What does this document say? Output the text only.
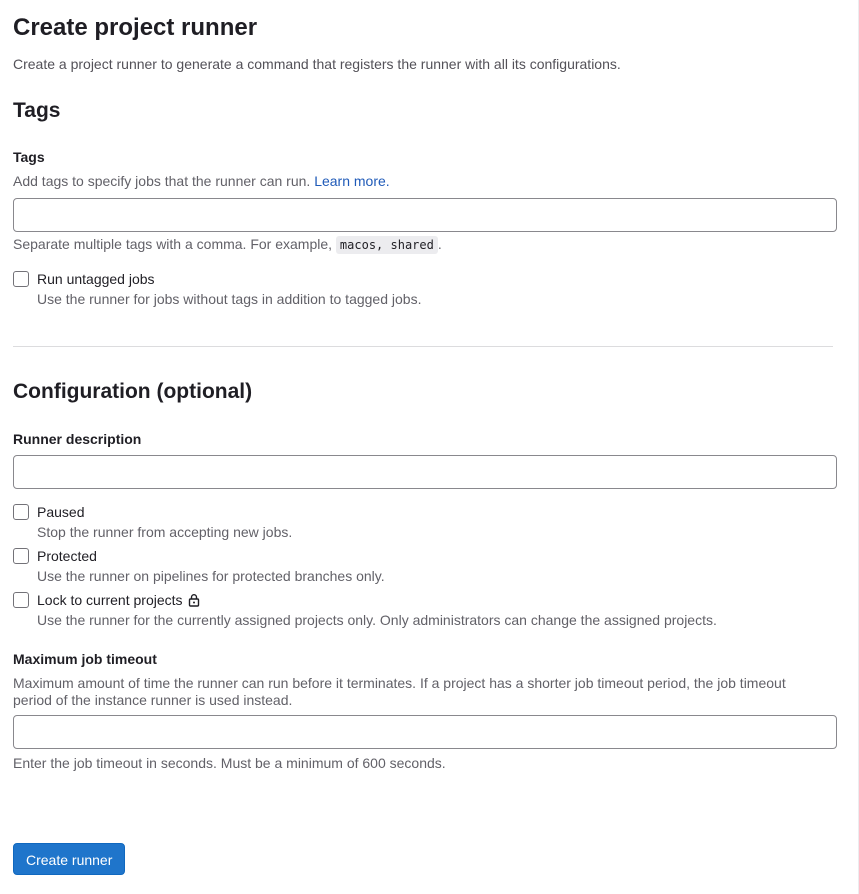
Create project runner
Create a project runner to generate a command that registers the runner with all its configurations.
Tags
Tags
Add tags to specify jobs that the runner can run. Learn more.
Separate multiple tags with a comma. For example, macos, shared .
Run untagged jobs
Use the runner for jobs without tags in addition to tagged jobs.
Configuration (optional)
Runner description
Paused
Stop the runner from accepting new jobs.
Protected
Use the runner on pipelines for protected branches only.
Lock to current projects
Use the runner for the currently assigned projects only. Only administrators can change the assigned projects.
Maximum job timeout
Maximum amount of time the runner can run before it terminates. If a project has a shorter job timeout period, the job timeout period of the instance runner is used instead.
Enter the job timeout in seconds. Must be a minimum of 600 seconds.
Create runner
